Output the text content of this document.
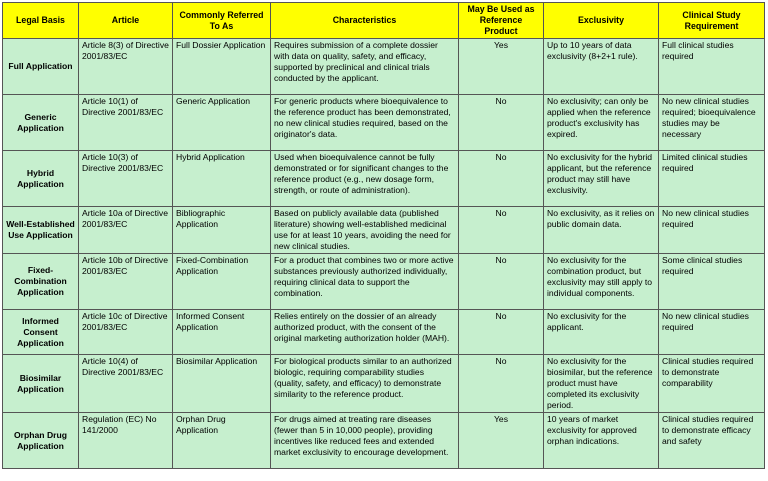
Legal Basis	Article	Commonly Referred To As	Characteristics	May Be Used as Reference Product	Exclusivity	Clinical Study Requirement
Full Application	Article 8(3) of Directive 2001/83/EC	Full Dossier Application	Requires submission of a complete dossier with data on quality, safety, and efficacy, supported by preclinical and clinical trials conducted by the applicant.	Yes	Up to 10 years of data exclusivity (8+2+1 rule).	Full clinical studies required
Generic Application	Article 10(1) of Directive 2001/83/EC	Generic Application	For generic products where bioequivalence to the reference product has been demonstrated, no new clinical studies required, based on the originator's data.	No	No exclusivity; can only be applied when the reference product's exclusivity has expired.	No new clinical studies required; bioequivalence studies may be necessary
Hybrid Application	Article 10(3) of Directive 2001/83/EC	Hybrid Application	Used when bioequivalence cannot be fully demonstrated or for significant changes to the reference product (e.g., new dosage form, strength, or route of administration).	No	No exclusivity for the hybrid applicant, but the reference product may still have exclusivity.	Limited clinical studies required
Well-Established Use Application	Article 10a of Directive 2001/83/EC	Bibliographic Application	Based on publicly available data (published literature) showing well-established medicinal use for at least 10 years, avoiding the need for new clinical studies.	No	No exclusivity, as it relies on public domain data.	No new clinical studies required
Fixed-Combination Application	Article 10b of Directive 2001/83/EC	Fixed-Combination Application	For a product that combines two or more active substances previously authorized individually, requiring clinical data to support the combination.	No	No exclusivity for the combination product, but exclusivity may still apply to individual components.	Some clinical studies required
Informed Consent Application	Article 10c of Directive 2001/83/EC	Informed Consent Application	Relies entirely on the dossier of an already authorized product, with the consent of the original marketing authorization holder (MAH).	No	No exclusivity for the applicant.	No new clinical studies required
Biosimilar Application	Article 10(4) of Directive 2001/83/EC	Biosimilar Application	For biological products similar to an authorized biologic, requiring comparability studies (quality, safety, and efficacy) to demonstrate similarity to the reference product.	No	No exclusivity for the biosimilar, but the reference product must have completed its exclusivity period.	Clinical studies required to demonstrate comparability
Orphan Drug Application	Regulation (EC) No 141/2000	Orphan Drug Application	For drugs aimed at treating rare diseases (fewer than 5 in 10,000 people), providing incentives like reduced fees and extended market exclusivity to encourage development.	Yes	10 years of market exclusivity for approved orphan indications.	Clinical studies required to demonstrate efficacy and safety
